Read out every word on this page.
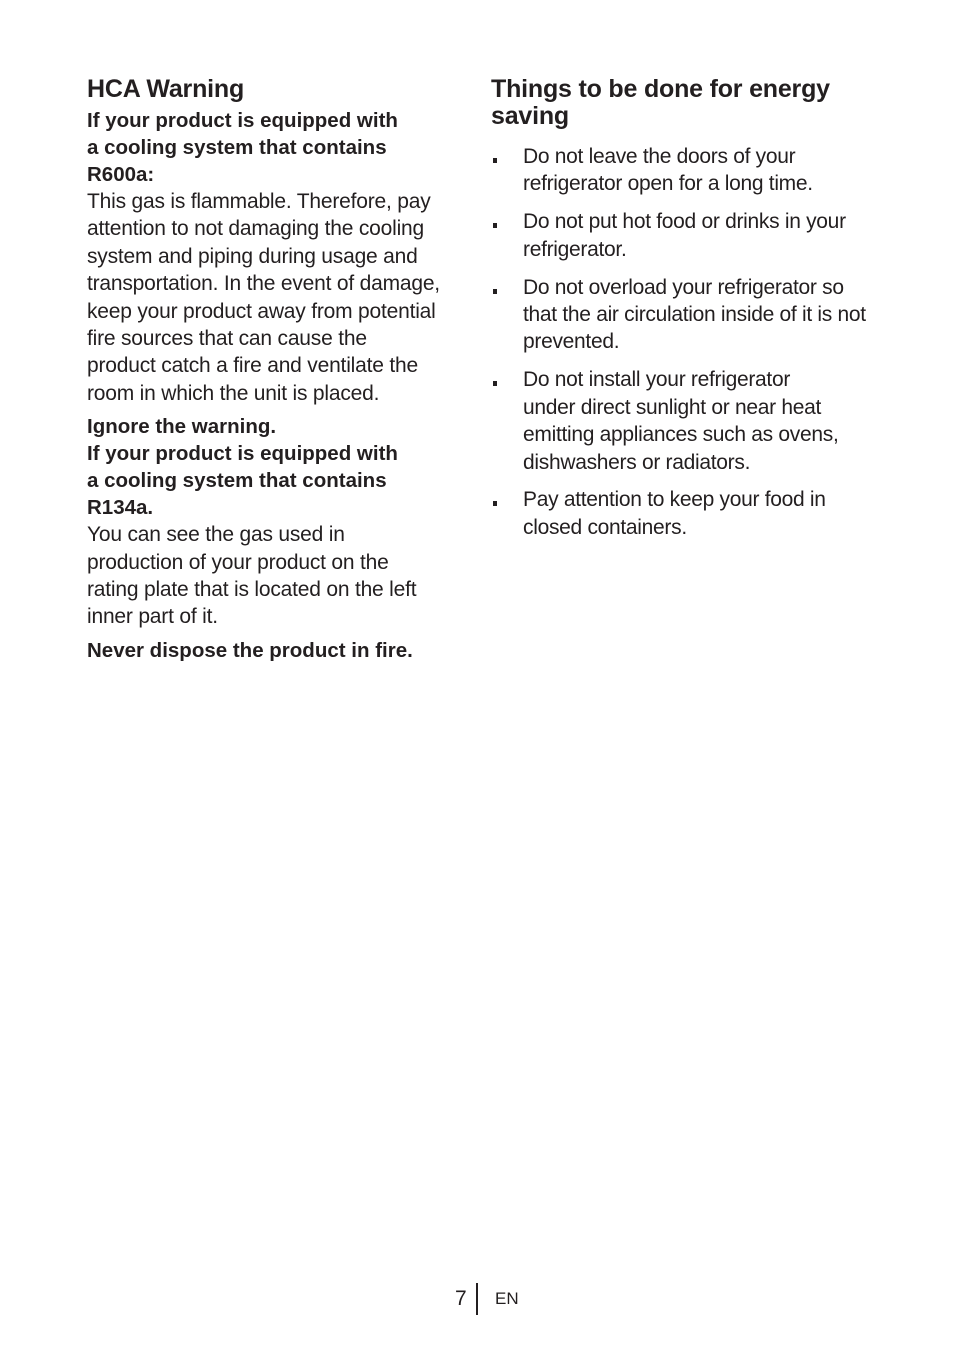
HCA Warning

If your product is equipped with
a cooling system that contains
R600a:

This gas is flammable. Therefore, pay
attention to not damaging the cooling
system and piping during usage and
transportation. In the event of damage,
keep your product away from potential
fire sources that can cause the
product catch a fire and ventilate the
room in which the unit is placed.

Ignore the warning.
If your product is equipped with
a cooling system that contains
R134a.

You can see the gas used in
production of your product on the
rating plate that is located on the left
inner part of it.

Never dispose the product in fire.

Things to be done for energy
saving
Do not leave the doors of your
refrigerator open for a long time.
Do not put hot food or drinks in your
refrigerator.
Do not overload your refrigerator so
that the air circulation inside of it is not
prevented.
Do not install your refrigerator
under direct sunlight or near heat
emitting appliances such as ovens,
dishwashers or radiators.
Pay attention to keep your food in
closed containers.
7 EN
